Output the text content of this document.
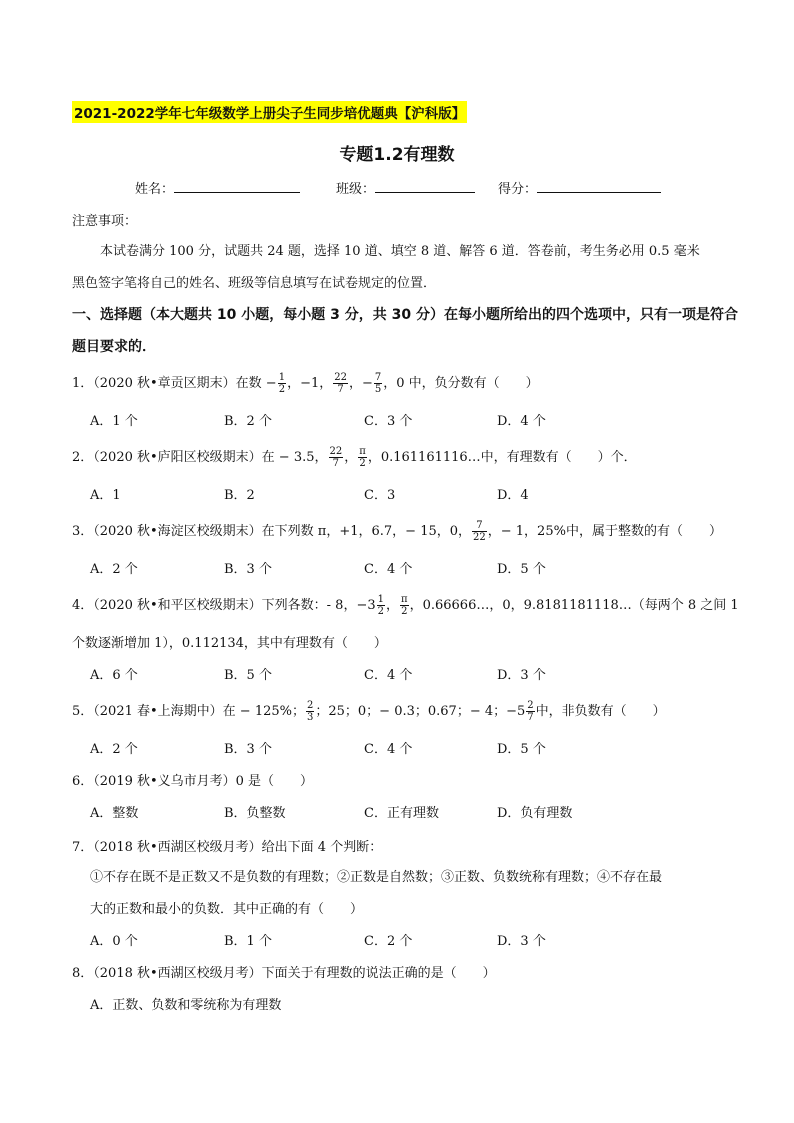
2021-2022学年七年级数学上册尖子生同步培优题典【沪科版】
专题1.2有理数
姓名：	班级：	得分：
注意事项：
本试卷满分 100 分，试题共 24 题，选择 10 道、填空 8 道、解答 6 道．答卷前，考生务必用 0.5 毫米
黑色签字笔将自己的姓名、班级等信息填写在试卷规定的位置．
一、选择题（本大题共 10 小题，每小题 3 分，共 30 分）在每小题所给出的四个选项中，只有一项是符合
题目要求的．
1．（2020 秋•章贡区期末）在数 − $\frac{1}{2}$ ，−1， $\frac{22}{7}$ ，− $\frac{7}{5}$ ，0 中，负分数有（　　）
A．1 个	B．2 个	C．3 个	D．4 个
2．（2020 秋•庐阳区校级期末）在 − 3.5， $\frac{22}{7}$ ， $\frac{\pi}{2}$ ，0.161161116…中，有理数有（　　）个．
A．1	B．2	C．3	D．4
3．（2020 秋•海淀区校级期末）在下列数 π，+1，6.7，− 15，0， $\frac{7}{22}$ ，− 1，25%中，属于整数的有（　　）
A．2 个	B．3 个	C．4 个	D．5 个
4．（2020 秋•和平区校级期末）下列各数：- 8，$-3 \frac{1}{2}$ ， $\frac{\pi}{2}$ ，0.66666…，0，9.8181181118…（每两个 8 之间 1
个数逐渐增加 1），0.112134，其中有理数有（　　）
A．6 个	B．5 个	C．4 个	D．3 个
5．（2021 春•上海期中）在 − 125%； $\frac{2}{3}$ ；25；0；− 0.3；0.67；− 4；$-5 \frac{2}{7}$ 中，非负数有（　　）
A．2 个	B．3 个	C．4 个	D．5 个
6．（2019 秋•义乌市月考）0 是（　　）
A．整数	B．负整数	C．正有理数	D．负有理数
7．（2018 秋•西湖区校级月考）给出下面 4 个判断：
①不存在既不是正数又不是负数的有理数；②正数是自然数；③正数、负数统称有理数；④不存在最
大的正数和最小的负数．其中正确的有（　　）
A．0 个	B．1 个	C．2 个	D．3 个
8．（2018 秋•西湖区校级月考）下面关于有理数的说法正确的是（　　）
A．正数、负数和零统称为有理数
